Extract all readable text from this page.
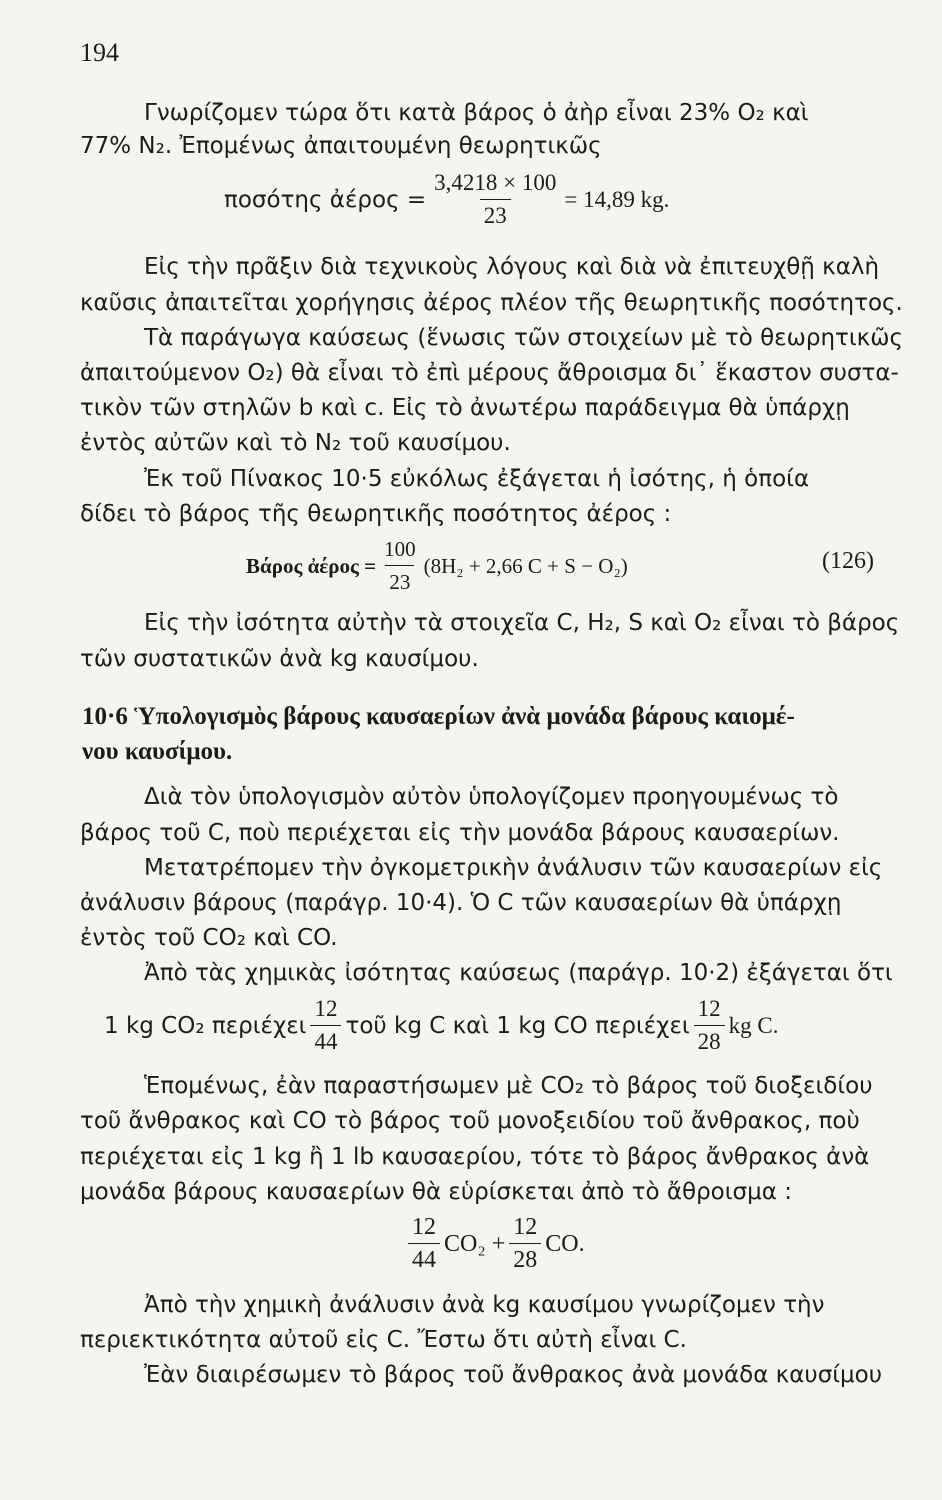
194
Γνωρίζομεν τώρα ὅτι κατὰ βάρος ὁ ἀὴρ εἶναι 23% O₂ καὶ
77% N₂. Ἐπομένως ἀπαιτουμένη θεωρητικῶς
ποσότης ἀέρος = $\frac{3,4218 \times 100}{23} = 14,89$ kg.
Εἰς τὴν πρᾶξιν διὰ τεχνικοὺς λόγους καὶ διὰ νὰ ἐπιτευχθῇ καλὴ
καῦσις ἀπαιτεῖται χορήγησις ἀέρος πλέον τῆς θεωρητικῆς ποσότητος.
Τὰ παράγωγα καύσεως (ἕνωσις τῶν στοιχείων μὲ τὸ θεωρητικῶς
ἀπαιτούμενον O₂) θὰ εἶναι τὸ ἐπὶ μέρους ἄθροισμα δι᾽ ἕκαστον συστα-
τικὸν τῶν στηλῶν b καὶ c. Εἰς τὸ ἀνωτέρω παράδειγμα θὰ ὑπάρχῃ
ἐντὸς αὐτῶν καὶ τὸ N₂ τοῦ καυσίμου.
Ἐκ τοῦ Πίνακος 10·5 εὐκόλως ἐξάγεται ἡ ἰσότης, ἡ ὁποία
δίδει τὸ βάρος τῆς θεωρητικῆς ποσότητος ἀέρος :
Βάρος ἀέρος = $\frac{100}{23} (8H_2 + 2,66$ C + S − O₂)	(126)
Εἰς τὴν ἰσότητα αὐτὴν τὰ στοιχεῖα C, H₂, S καὶ O₂ εἶναι τὸ βάρος
τῶν συστατικῶν ἀνὰ kg καυσίμου.
10·6 Ὑπολογισμὸς βάρους καυσαερίων ἀνὰ μονάδα βάρους καιομέ-
νου καυσίμου.
Διὰ τὸν ὑπολογισμὸν αὐτὸν ὑπολογίζομεν προηγουμένως τὸ
βάρος τοῦ C, ποὺ περιέχεται εἰς τὴν μονάδα βάρους καυσαερίων.
Μετατρέπομεν τὴν ὀγκομετρικὴν ἀνάλυσιν τῶν καυσαερίων εἰς
ἀνάλυσιν βάρους (παράγρ. 10·4). Ὁ C τῶν καυσαερίων θὰ ὑπάρχῃ
ἐντὸς τοῦ CO₂ καὶ CO.
Ἀπὸ τὰς χημικὰς ἰσότητας καύσεως (παράγρ. 10·2) ἐξάγεται ὅτι
1 kg CO₂ περιέχει $\frac{12}{44}$ τοῦ kg C καὶ 1 kg CO περιέχει $\frac{12}{28}$ kg C.
Ἑπομένως, ἐὰν παραστήσωμεν μὲ CO₂ τὸ βάρος τοῦ διοξειδίου
τοῦ ἄνθρακος καὶ CO τὸ βάρος τοῦ μονοξειδίου τοῦ ἄνθρακος, ποὺ
περιέχεται εἰς 1 kg ἢ 1 lb καυσαερίου, τότε τὸ βάρος ἄνθρακος ἀνὰ
μονάδα βάρους καυσαερίων θὰ εὑρίσκεται ἀπὸ τὸ ἄθροισμα :
$\frac{12}{44} CO_2 + \frac{12}{28}$ CO.
Ἀπὸ τὴν χημικὴ ἀνάλυσιν ἀνὰ kg καυσίμου γνωρίζομεν τὴν
περιεκτικότητα αὐτοῦ εἰς C. Ἔστω ὅτι αὐτὴ εἶναι C.
Ἐὰν διαιρέσωμεν τὸ βάρος τοῦ ἄνθρακος ἀνὰ μονάδα καυσίμου
